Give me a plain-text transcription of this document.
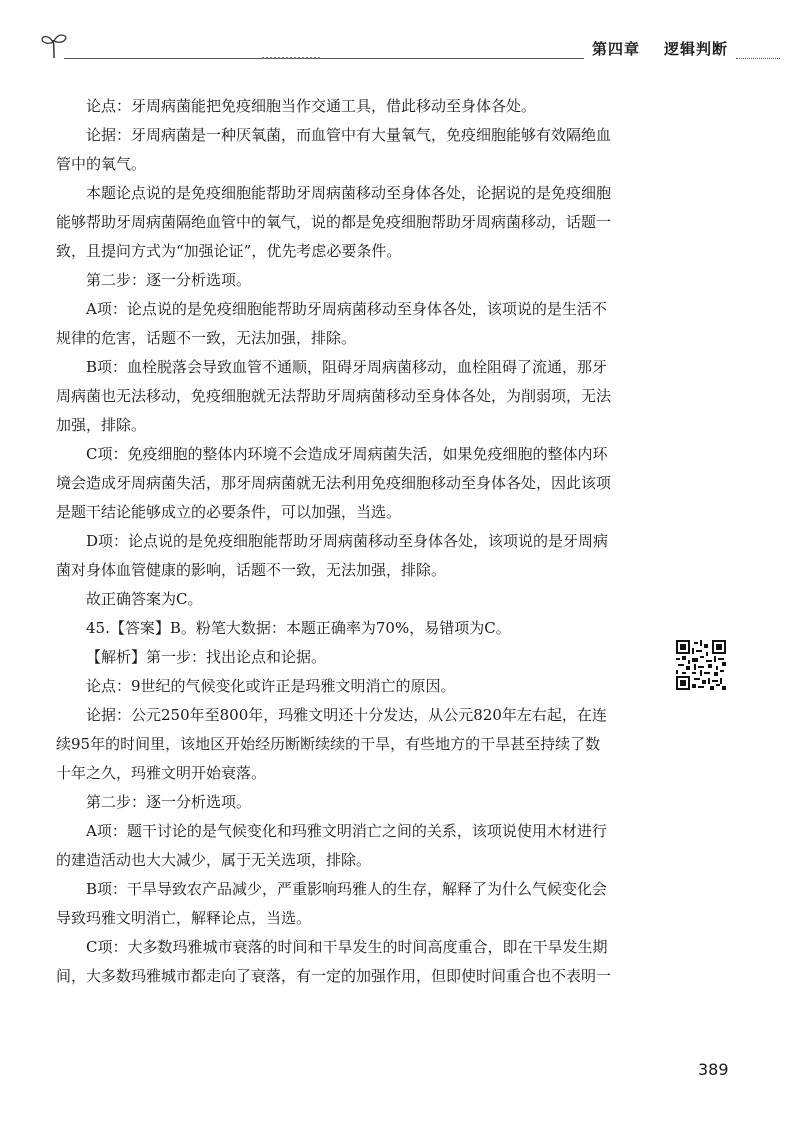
第四章 逻辑判断
论点：牙周病菌能把免疫细胞当作交通工具，借此移动至身体各处。
论据：牙周病菌是一种厌氧菌，而血管中有大量氧气，免疫细胞能够有效隔绝血
管中的氧气。
本题论点说的是免疫细胞能帮助牙周病菌移动至身体各处，论据说的是免疫细胞
能够帮助牙周病菌隔绝血管中的氧气，说的都是免疫细胞帮助牙周病菌移动，话题一
致，且提问方式为“加强论证”，优先考虑必要条件。
第二步：逐一分析选项。
A项：论点说的是免疫细胞能帮助牙周病菌移动至身体各处，该项说的是生活不
规律的危害，话题不一致，无法加强，排除。
B项：血栓脱落会导致血管不通顺，阻碍牙周病菌移动，血栓阻碍了流通，那牙
周病菌也无法移动，免疫细胞就无法帮助牙周病菌移动至身体各处，为削弱项，无法
加强，排除。
C项：免疫细胞的整体内环境不会造成牙周病菌失活，如果免疫细胞的整体内环
境会造成牙周病菌失活，那牙周病菌就无法利用免疫细胞移动至身体各处，因此该项
是题干结论能够成立的必要条件，可以加强，当选。
D项：论点说的是免疫细胞能帮助牙周病菌移动至身体各处，该项说的是牙周病
菌对身体血管健康的影响，话题不一致，无法加强，排除。
故正确答案为C。
45.【答案】B。粉笔大数据：本题正确率为70%，易错项为C。
【解析】第一步：找出论点和论据。
论点：9世纪的气候变化或许正是玛雅文明消亡的原因。
论据：公元250年至800年，玛雅文明还十分发达，从公元820年左右起，在连
续95年的时间里，该地区开始经历断断续续的干旱，有些地方的干旱甚至持续了数
十年之久，玛雅文明开始衰落。
第二步：逐一分析选项。
A项：题干讨论的是气候变化和玛雅文明消亡之间的关系，该项说使用木材进行
的建造活动也大大减少，属于无关选项，排除。
B项：干旱导致农产品减少，严重影响玛雅人的生存，解释了为什么气候变化会
导致玛雅文明消亡，解释论点，当选。
C项：大多数玛雅城市衰落的时间和干旱发生的时间高度重合，即在干旱发生期
间，大多数玛雅城市都走向了衰落，有一定的加强作用，但即使时间重合也不表明一
389
